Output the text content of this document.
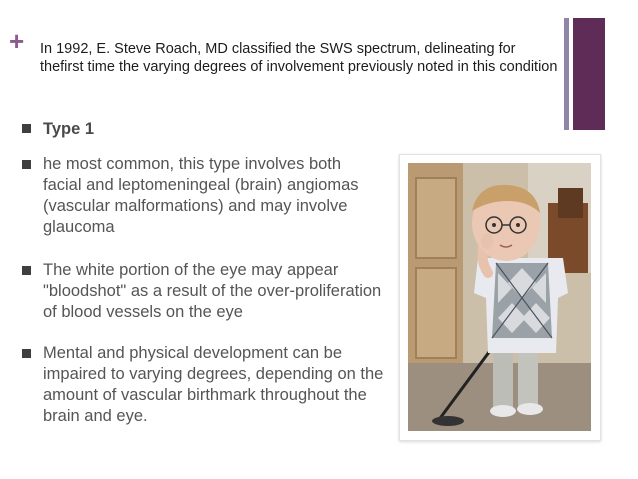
+ In 1992, E. Steve Roach, MD classified the SWS spectrum, delineating for thefirst time the varying degrees of involvement previously noted in this condition
Type 1
he most common, this type involves both facial and leptomeningeal (brain) angiomas (vascular malformations) and may involve glaucoma
The white portion of the eye may appear "bloodshot" as a result of the over-proliferation of blood vessels on the eye
Mental and physical development can be impaired to varying degrees, depending on the amount of vascular birthmark throughout the brain and eye.
